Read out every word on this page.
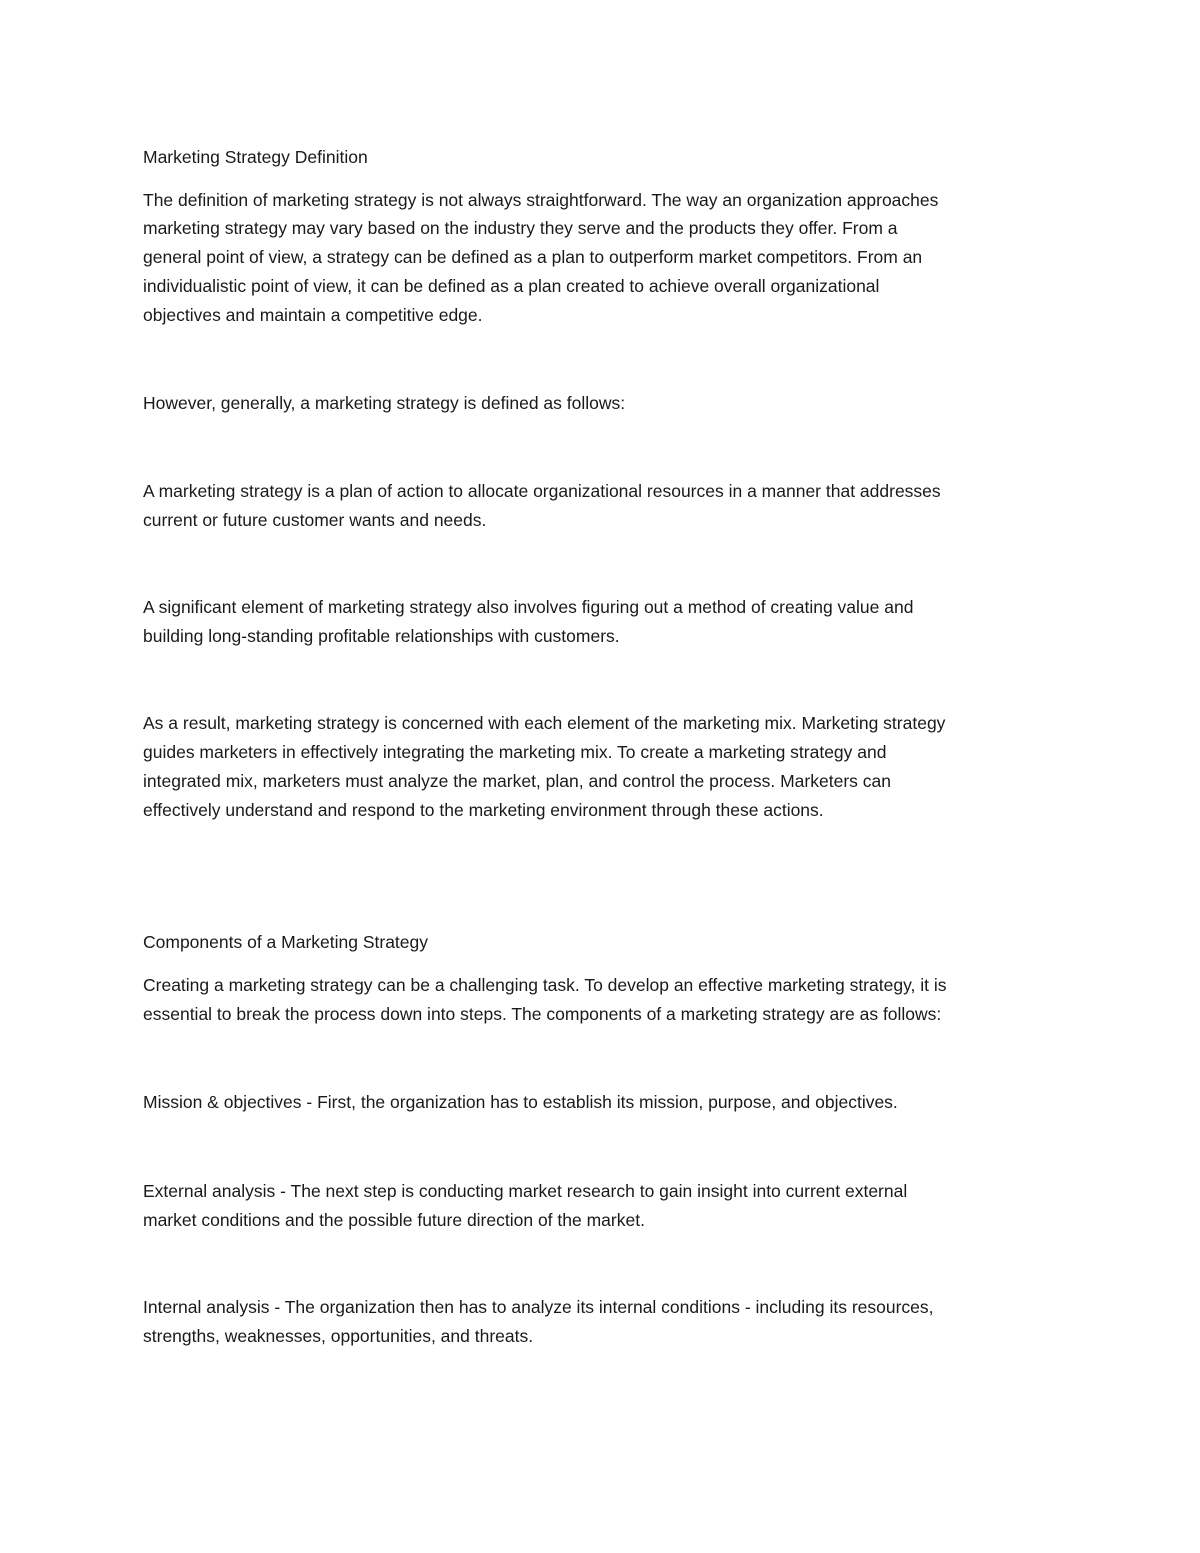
Marketing Strategy Definition
The definition of marketing strategy is not always straightforward. The way an organization approaches
marketing strategy may vary based on the industry they serve and the products they offer. From a
general point of view, a strategy can be defined as a plan to outperform market competitors. From an
individualistic point of view, it can be defined as a plan created to achieve overall organizational
objectives and maintain a competitive edge.
However, generally, a marketing strategy is defined as follows:
A marketing strategy is a plan of action to allocate organizational resources in a manner that addresses
current or future customer wants and needs.
A significant element of marketing strategy also involves figuring out a method of creating value and
building long-standing profitable relationships with customers.
As a result, marketing strategy is concerned with each element of the marketing mix. Marketing strategy
guides marketers in effectively integrating the marketing mix. To create a marketing strategy and
integrated mix, marketers must analyze the market, plan, and control the process. Marketers can
effectively understand and respond to the marketing environment through these actions.
Components of a Marketing Strategy
Creating a marketing strategy can be a challenging task. To develop an effective marketing strategy, it is
essential to break the process down into steps. The components of a marketing strategy are as follows:
Mission & objectives - First, the organization has to establish its mission, purpose, and objectives.
External analysis - The next step is conducting market research to gain insight into current external
market conditions and the possible future direction of the market.
Internal analysis - The organization then has to analyze its internal conditions - including its resources,
strengths, weaknesses, opportunities, and threats.
